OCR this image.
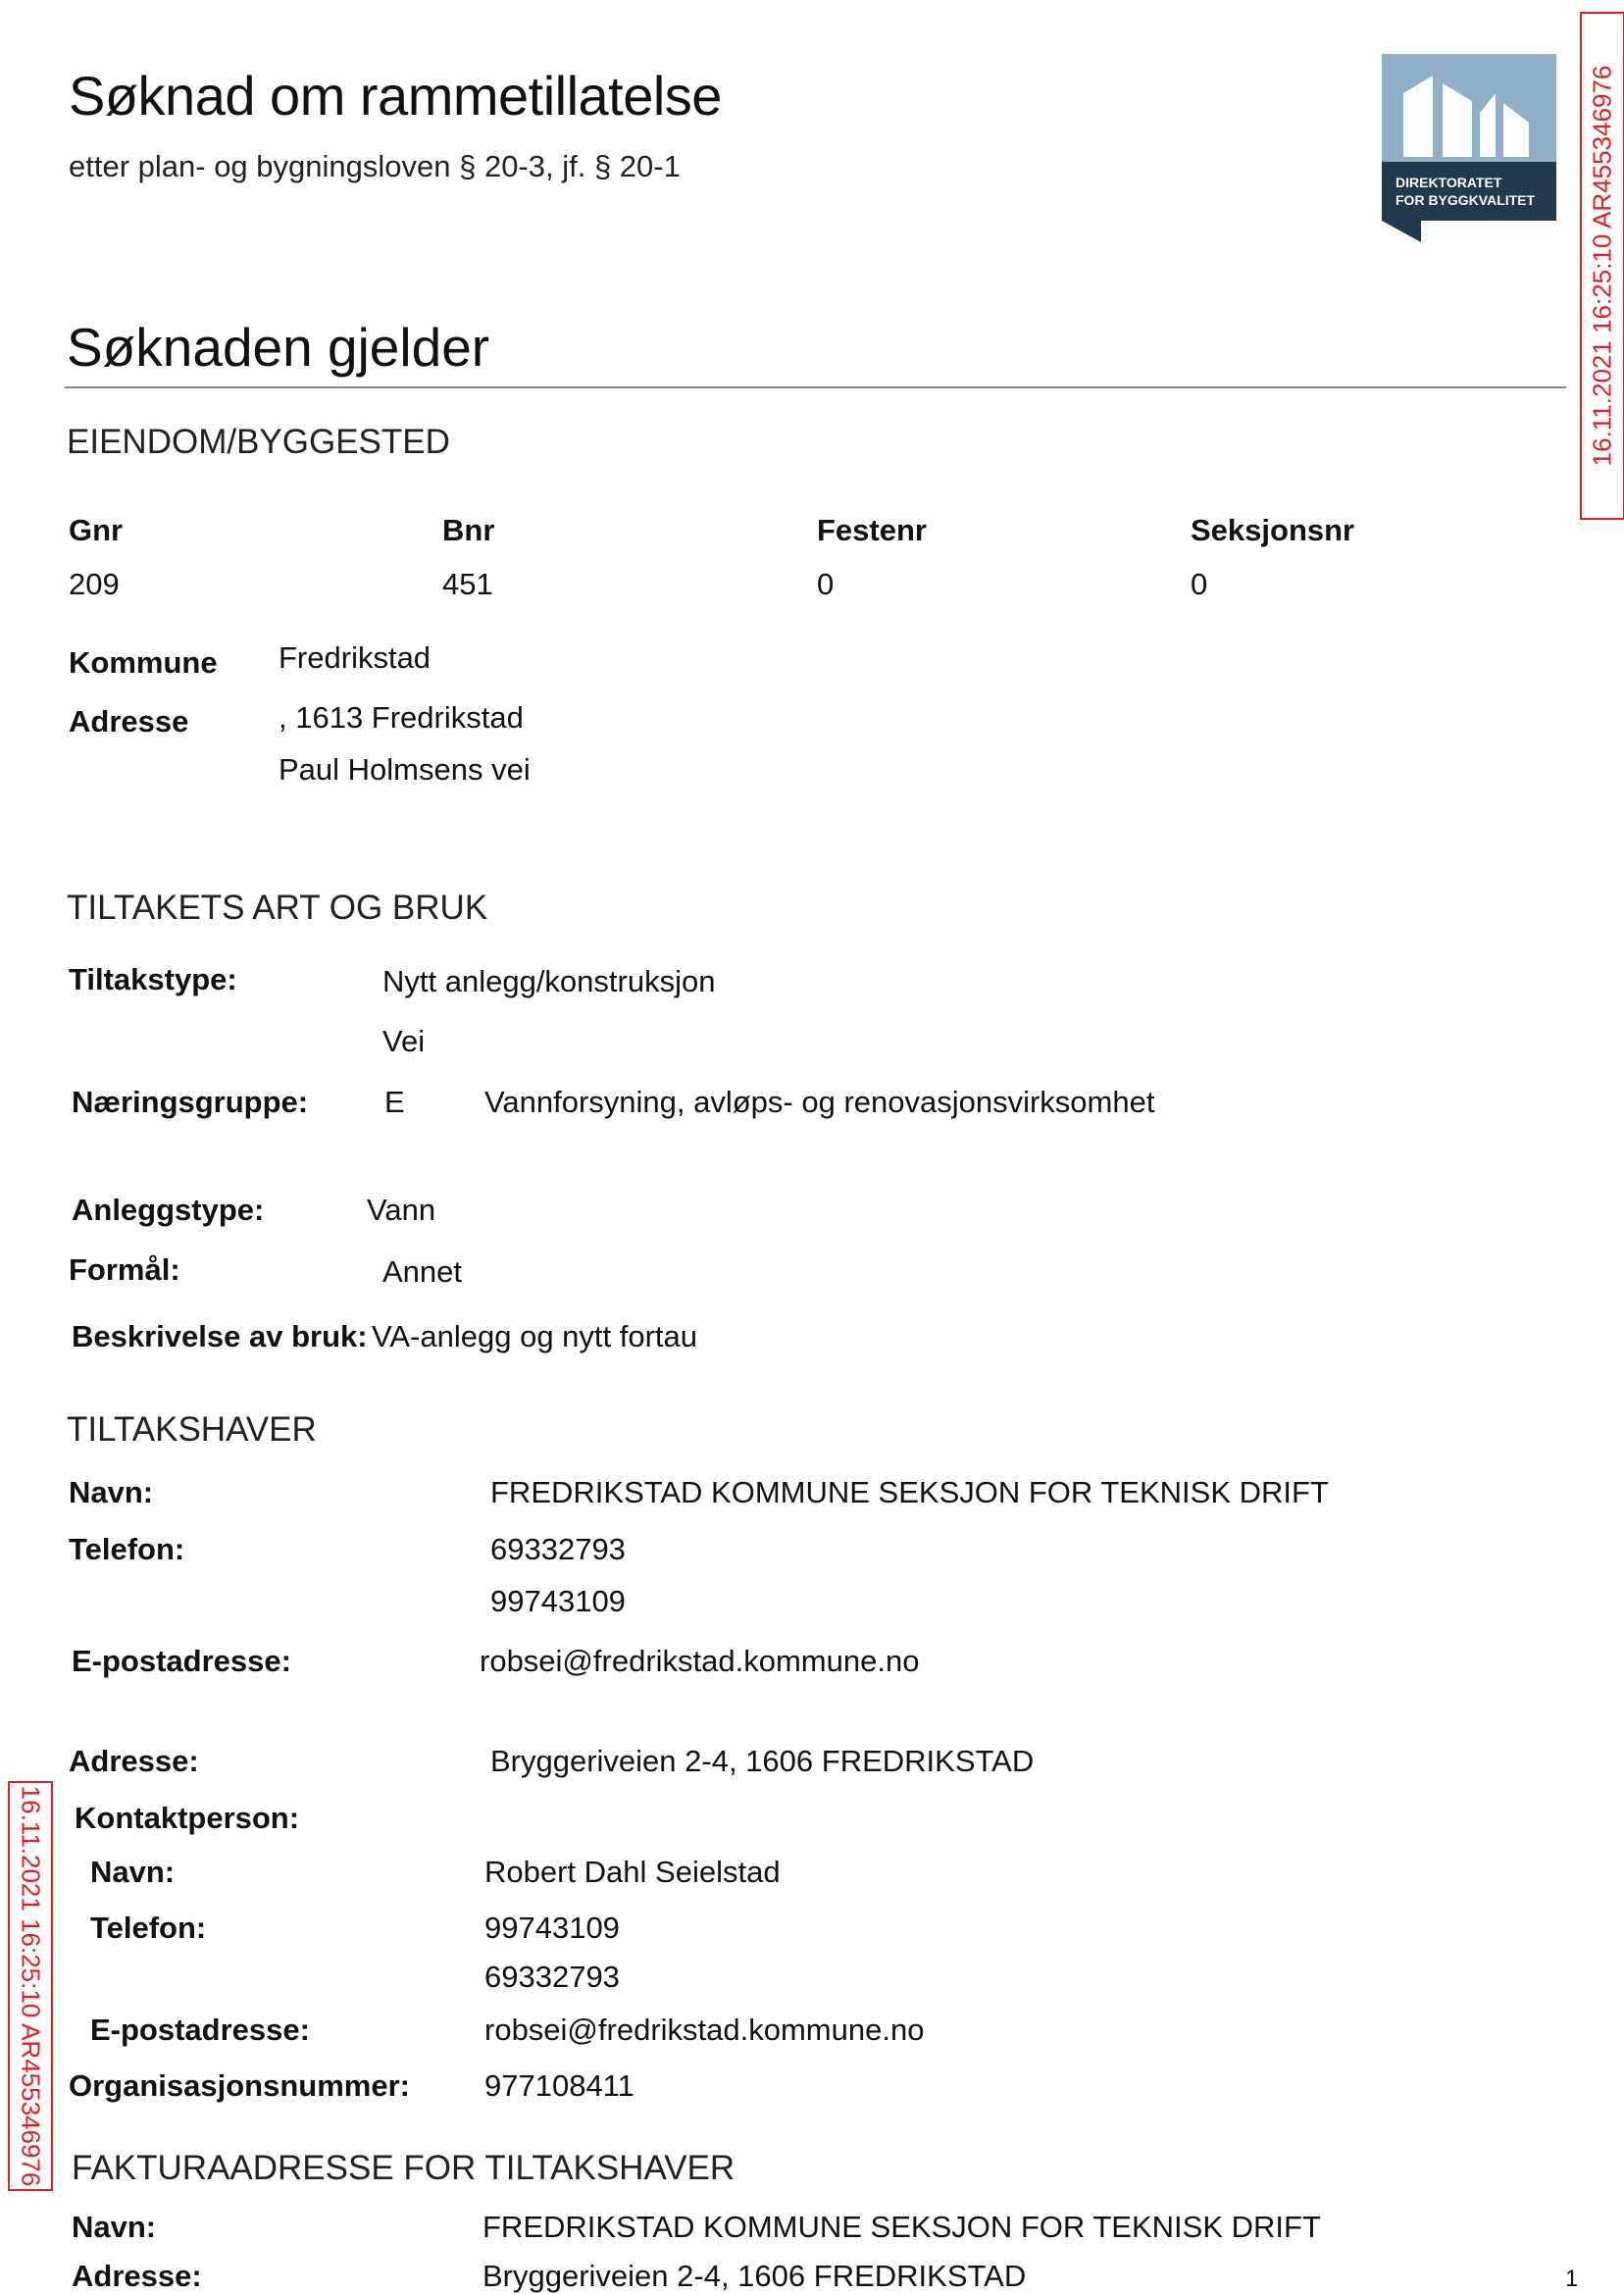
Søknad om rammetillatelse
etter plan- og bygningsloven § 20-3, jf. § 20-1	DIREKTORATET
FOR BYGGKVALITET 16.11.2021 16:25:10 AR455346976
16.11.2021 16:25:10 AR455346976
Søknaden gjelder
EIENDOM/BYGGESTED
Gnr	Bnr	Festenr	Seksjonsnr
209	451	0	0
Kommune Fredrikstad
Adresse	, 1613 Fredrikstad
Paul Holmsens vei
TILTAKETS ART OG BRUK
Tiltakstype:	Nytt anlegg/konstruksjon
Vei
Næringsgruppe:	E	Vannforsyning, avløps- og renovasjonsvirksomhet
Anleggstype:	Vann
Formål:	Annet
Beskrivelse av bruk: VA-anlegg og nytt fortau
TILTAKSHAVER
Navn:	FREDRIKSTAD KOMMUNE SEKSJON FOR TEKNISK DRIFT
Telefon:	69332793
99743109
E-postadresse:	robsei@fredrikstad.kommune.no
Adresse:	Bryggeriveien 2-4, 1606 FREDRIKSTAD
Kontaktperson:
Navn:	Robert Dahl Seielstad
Telefon:	99743109
69332793
E-postadresse:	robsei@fredrikstad.kommune.no
Organisasjonsnummer: 977108411
FAKTURAADRESSE FOR TILTAKSHAVER
Navn:	FREDRIKSTAD KOMMUNE SEKSJON FOR TEKNISK DRIFT
Adresse:	Bryggeriveien 2-4, 1606 FREDRIKSTAD	1
